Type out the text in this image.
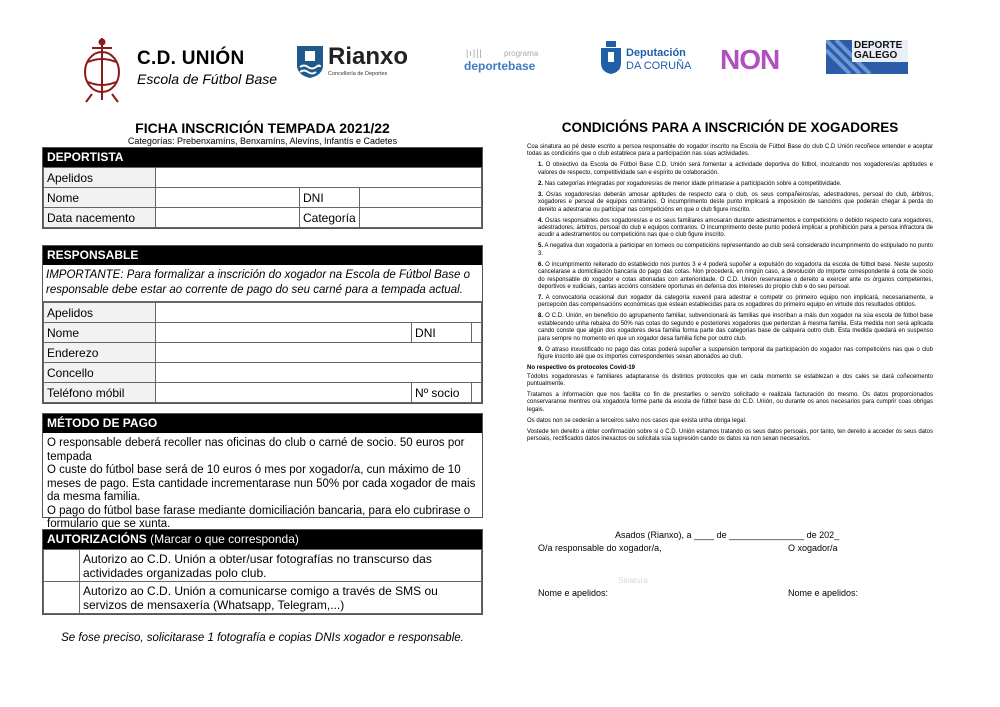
C.D. UNIÓN
Escola de Fútbol Base
Rianxo
Concellería de Deportes
|ı|||	programa
deportebase
Deputación
DA CORUÑA NON	DEPORTE
GALEGO
FICHA INSCRICIÓN TEMPADA 2021/22
Categorías: Prebenxamíns, Benxamíns, Alevíns, Infantís e Cadetes
DEPORTISTA
Apelidos			
Nome		DNI	
Data nacemento		Categoría	
RESPONSABLE
IMPORTANTE: Para formalizar a inscrición do xogador na Escola de Fútbol Base o responsable debe estar ao corrente de pago do seu carné para a tempada actual.
Apelidos			
Nome		DNI	
Enderezo			
Concello			
Teléfono móbil		Nº socio	
MÉTODO DE PAGO
O responsable deberá recoller nas oficinas do club o carné de socio. 50 euros por tempada
O custe do fútbol base será de 10 euros ó mes por xogador/a, cun máximo de 10 meses de pago. Esta cantidade incrementarase nun 50% por cada xogador de mais da mesma familia.
O pago do fútbol base farase mediante domiciliación bancaria, para elo cubrirase o formulario que se xunta.
AUTORIZACIÓNS (Marcar o que corresponda)
	Autorizo ao C.D. Unión a obter/usar fotografías no transcurso das actividades organizadas polo club.
	Autorizo ao C.D. Unión a comunicarse comigo a través de SMS ou servizos de mensaxería (Whatsapp, Telegram,...)
Se fose preciso, solicitarase 1 fotografía e copias DNIs xogador e responsable.
CONDICIÓNS PARA A INSCRICIÓN DE XOGADORES

Coa sinatura ao pé deste escrito a persoa responsable do xogador inscrito na Escola de Fútbol Base do club C.D Unión recoñece entender e aceptar todas as condicións que o club establece para a participación nas súas actividades.

1. O obxectivo da Escola de Fútbol Base C.D. Unión será fomentar a actividade deportiva do fútbol, inculcando nos xogadores/as aptitudes e valores de respecto, competitividade san e espírito de colaboración.

2. Nas categorías integradas por xogadores/as de menor idade primarase a participación sobre a competitividade.

3. Os/as xogadores/as deberán amosar aptitudes de respecto cara o club, os seus compañeiros/as, adestradores, persoal do club, árbitros, xogadores e persoal de equipos contrarios. O incumprimento deste punto implicará a imposición de sancións que poderán chegar á perda do dereito a adestrarse ou participar nas competicións en que o club figure inscrito.

4. Os/as responsables dos xogadores/as e os seus familiares amosarán durante adestramentos e competicións o debido respecto cara xogadores, adestradores, árbitros, persoal do club e equipos contrarios. O incumprimento deste punto poderá implicar a prohibición para a persoa infractora de acudir a adestramentos ou competicións nas que o club figure inscrito.

5. A negativa dun xogador/a a participar en torneos ou competicións representando ao club será considerado incumprimento do estipulado no punto 3.

6. O incumprimento reiterado do establecido nos puntos 3 e 4 poderá supoñer a expulsión do xogador/a da escola de fútbol base. Neste suposto cancelarase a domiciliación bancaria do pago das cotas. Non procederá, en ningún caso, a devolución do importe correspondente á cota de socio do responsable do xogador e cotas abonadas con anterioridade. O C.D. Unión reservarase o dereito a exercer ante os órganos competentes, deportivos e xudiciais, cantas accións considere oportunas en defensa dos intereses do propio club e do seu persoal.

7. A convocatoria ocasional dun xogador da categoría xuvenil para adestrar e competir co primeiro equipo non implicará, necesariamente, a percepción das compensacións económicas que estean establecidas para os xogadores do primeiro equipo en virtude dos resultados obtidos.

8. O C.D. Unión, en beneficio do agrupamento familiar, subvencionará ás familias que inscriban a máis dun xogador na súa escola de fútbol base establecendo unha rebaixa do 50% nas cotas do segundo e posteriores xogadores que pertenzan á mesma familia. Esta medida non será aplicada cando conste que algún dos xogadores desa familia forma parte das categorías base de calquera outro club. Esta medida quedará en suspenso para sempre no momento en que un xogador desa familia fiche por outro club.

9. O atraso inxustificado no pago das cotas poderá supoñer a suspensión temporal da participación do xogador nas competicións nas que o club figure inscrito até que os importes correspondentes sexan abonados ao club.

No respectivo ós protocolos Covid-19

Tódolos xogadores/as e familiares adaptaranse ós distintos protocolos que en cada momento se establezan e dos cales se dará coñecemento puntualmente.

Tratamos a información que nos facilita co fin de prestarlles o servizo solicitado e realizala facturación do mesmo. Os datos proporcionados conservaranse mentres o/a xogador/a forme parte da escola de fútbol base do C.D. Unión, ou durante os anos necesarios para cumprir coas obrigas legais.

Os datos non se cederán a terceiros salvo nos casos que exista unha obriga legal.

Vostede ten dereito a obter confirmación sobre si o C.D. Unión estamos tratando os seus datos persoais, por tanto, ten dereito a acceder ós seus datos persoais, rectificados datos inexactos ou solicitala súa supresión cando os datos xa non sexan necesarios.

Asados (Rianxo), a ____ de _______________ de 202_
O/a responsable do xogador/a,	O xogador/a
Sinatura
Nome e apelidos:	Nome e apelidos:
